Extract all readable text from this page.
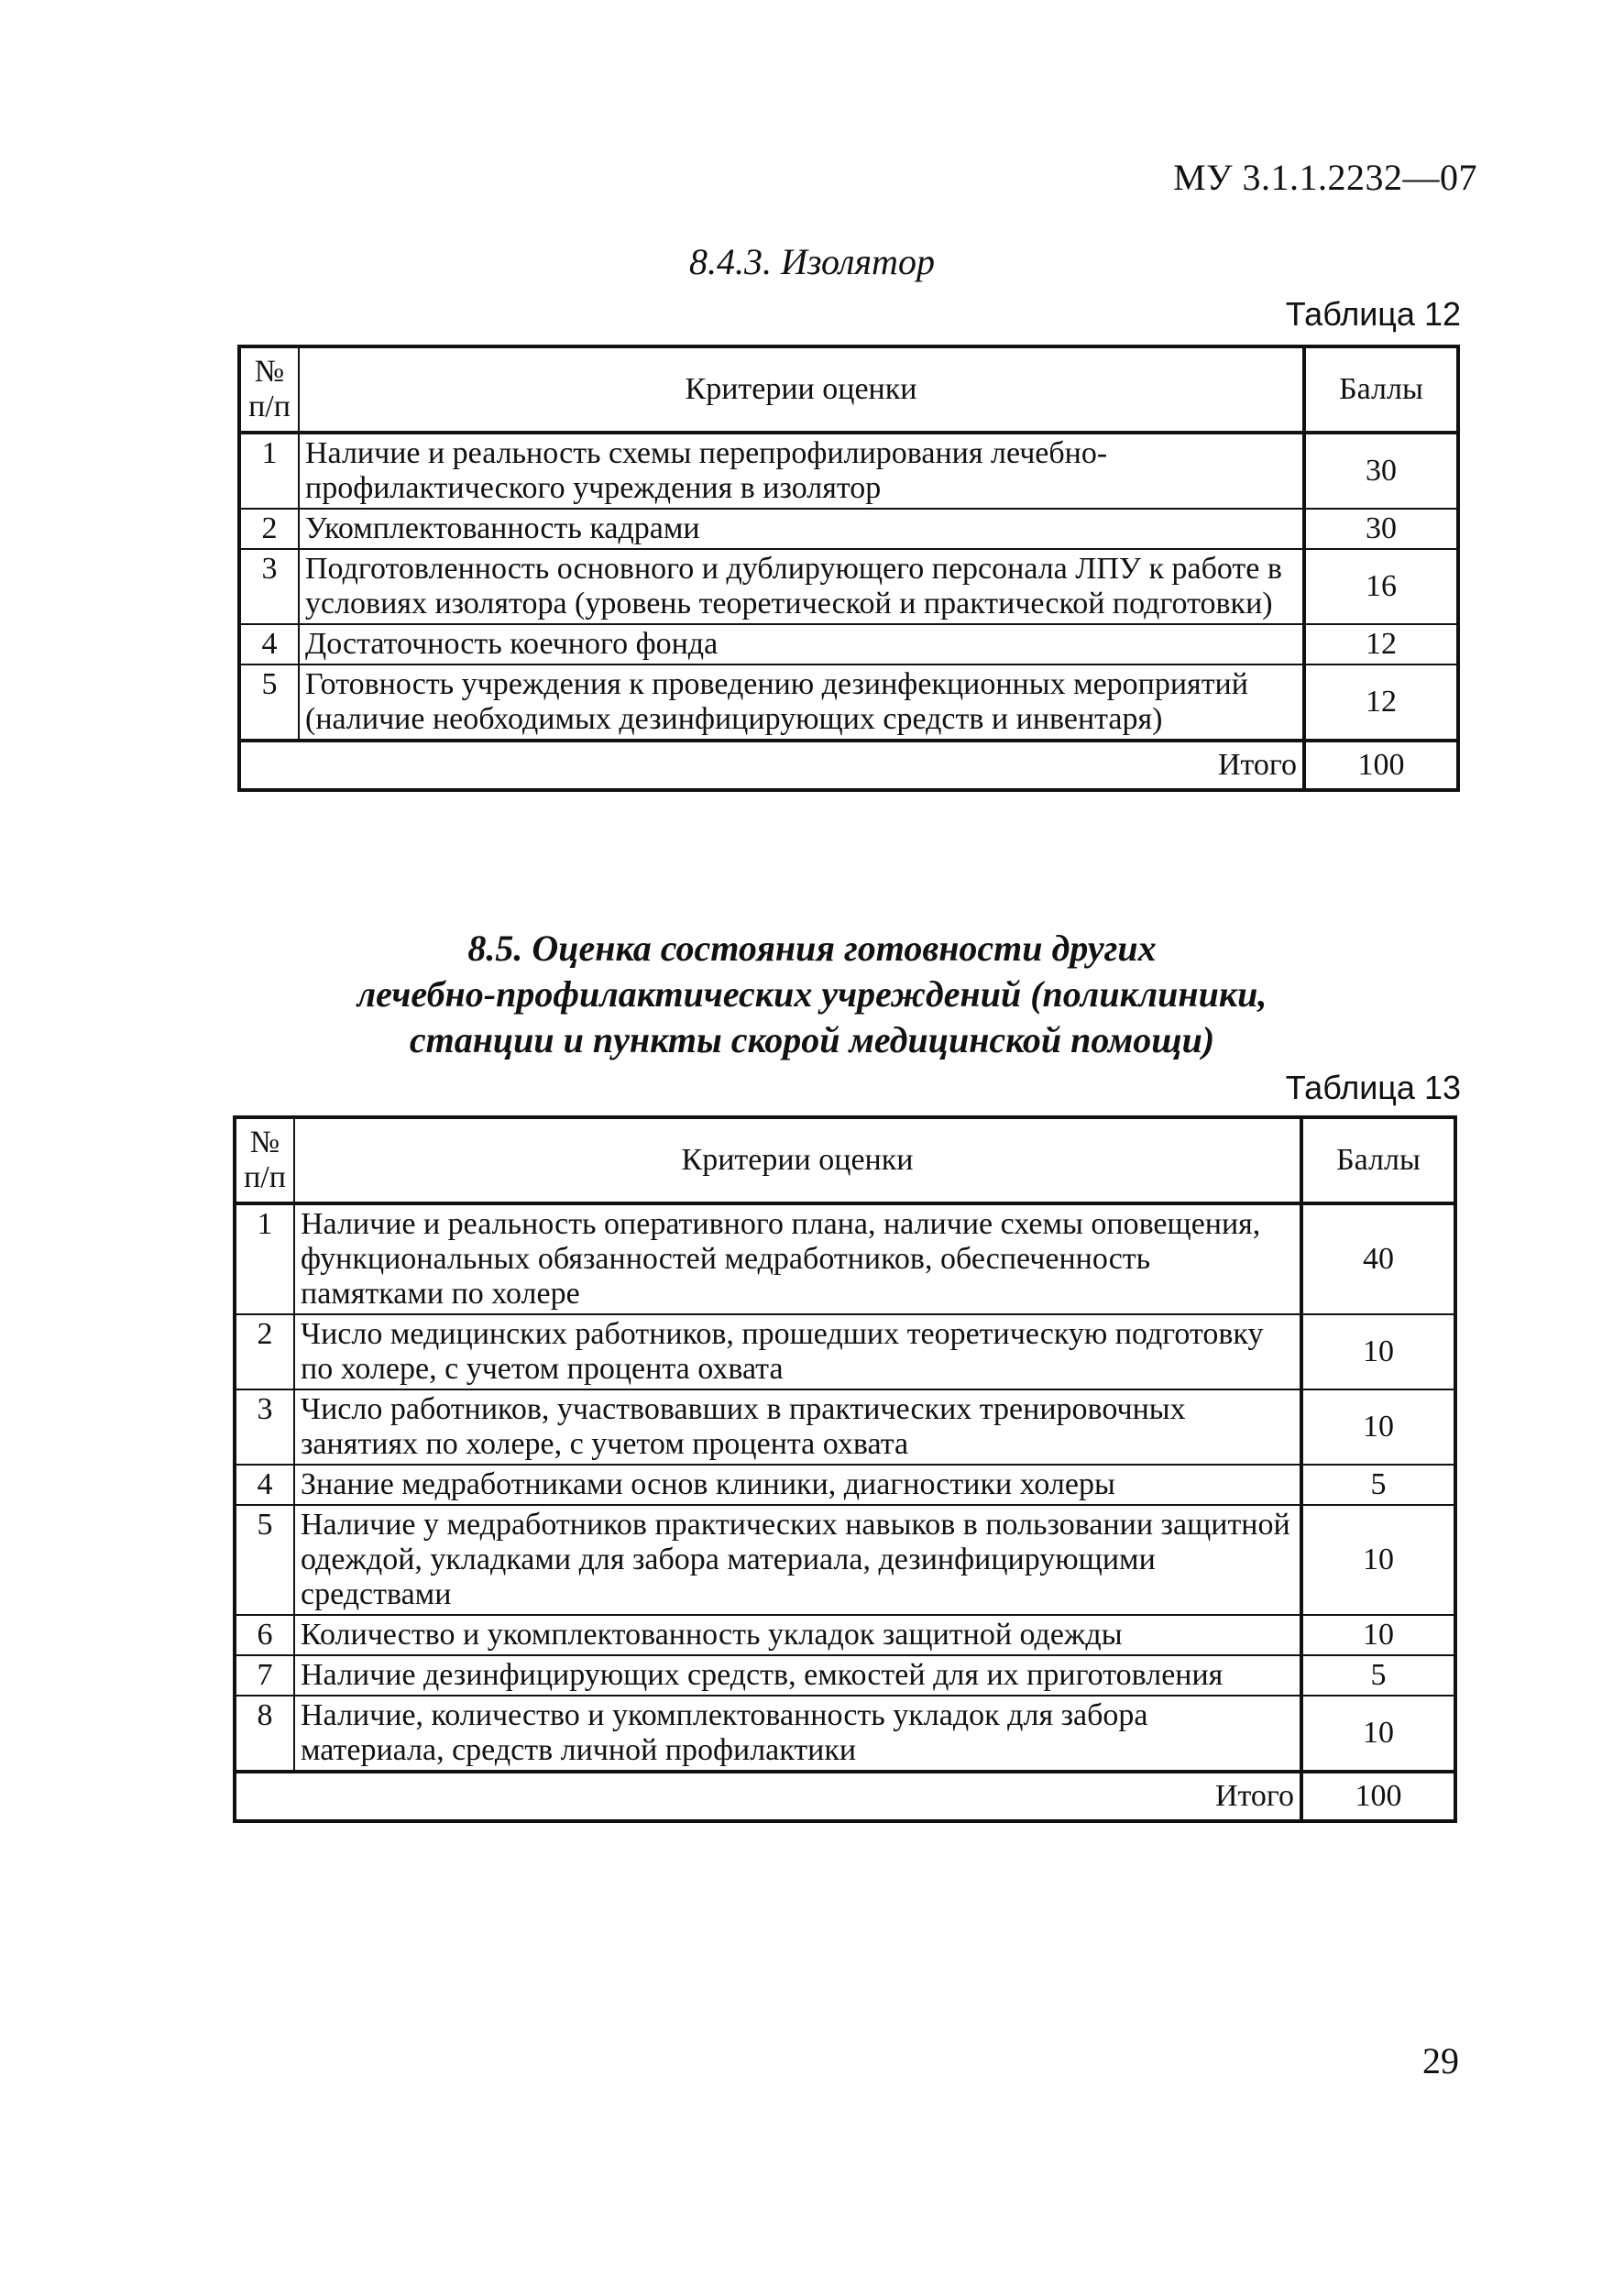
МУ 3.1.1.2232—07
8.4.3. Изолятор
Таблица 12
№ п/п	Критерии оценки	Баллы
1	Наличие и реальность схемы перепрофилирования лечебно-профилактического учреждения в изолятор	30
2	Укомплектованность кадрами	30
3	Подготовленность основного и дублирующего персонала ЛПУ к работе в условиях изолятора (уровень теоретической и практической подготовки)	16
4	Достаточность коечного фонда	12
5	Готовность учреждения к проведению дезинфекционных мероприятий (наличие необходимых дезинфицирующих средств и инвентаря)	12
Итого		100
8.5. Оценка состояния готовности других
лечебно-профилактических учреждений (поликлиники,
станции и пункты скорой медицинской помощи)
Таблица 13
№ п/п	Критерии оценки	Баллы
1	Наличие и реальность оперативного плана, наличие схемы оповещения, функциональных обязанностей медработников, обеспеченность памятками по холере	40
2	Число медицинских работников, прошедших теоретическую подготовку по холере, с учетом процента охвата	10
3	Число работников, участвовавших в практических тренировочных занятиях по холере, с учетом процента охвата	10
4	Знание медработниками основ клиники, диагностики холеры	5
5	Наличие у медработников практических навыков в пользовании защитной одеждой, укладками для забора материала, дезинфицирующими средствами	10
6	Количество и укомплектованность укладок защитной одежды	10
7	Наличие дезинфицирующих средств, емкостей для их приготовления	5
8	Наличие, количество и укомплектованность укладок для забора материала, средств личной профилактики	10
Итого		100
29
